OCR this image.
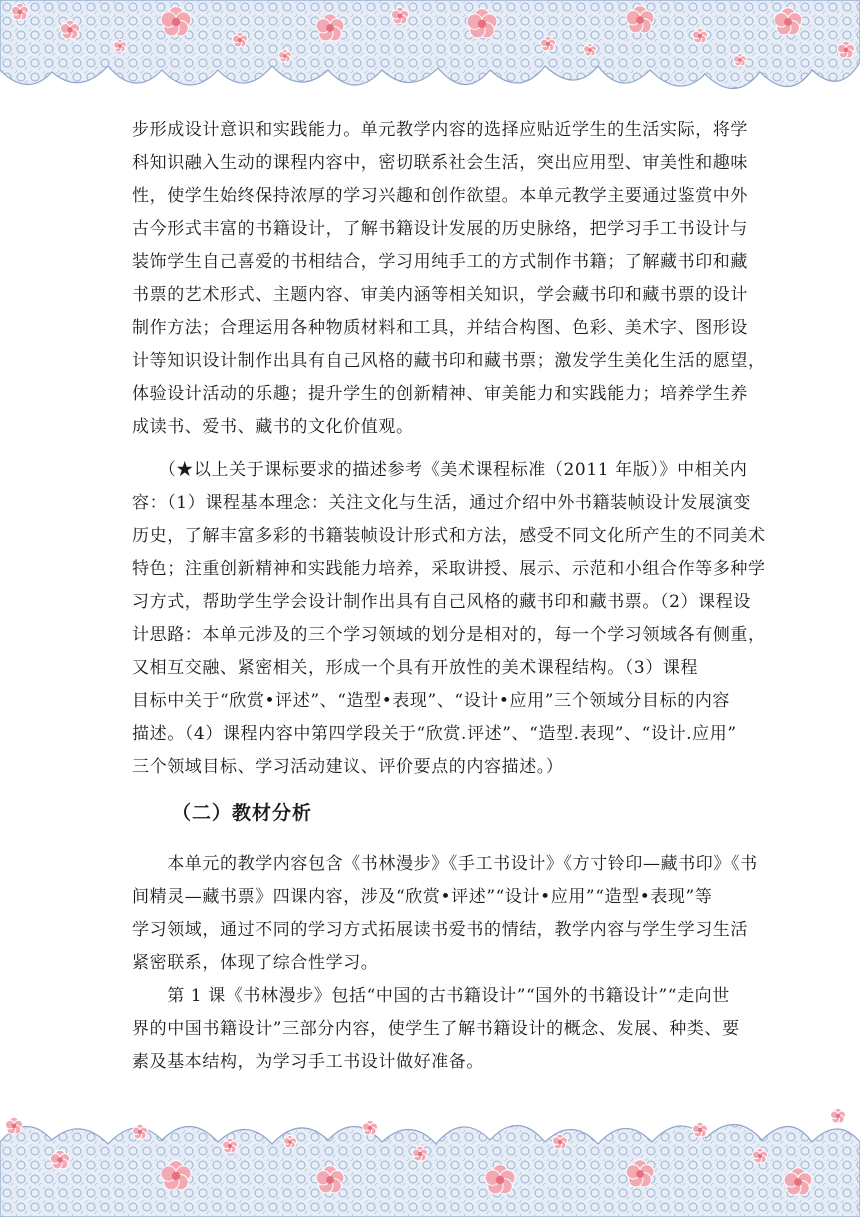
步形成设计意识和实践能力。单元教学内容的选择应贴近学生的生活实际，将学
科知识融入生动的课程内容中，密切联系社会生活，突出应用型、审美性和趣味
性，使学生始终保持浓厚的学习兴趣和创作欲望。本单元教学主要通过鉴赏中外
古今形式丰富的书籍设计，了解书籍设计发展的历史脉络，把学习手工书设计与
装饰学生自己喜爱的书相结合，学习用纯手工的方式制作书籍；了解藏书印和藏
书票的艺术形式、主题内容、审美内涵等相关知识，学会藏书印和藏书票的设计
制作方法；合理运用各种物质材料和工具，并结合构图、色彩、美术字、图形设
计等知识设计制作出具有自己风格的藏书印和藏书票；激发学生美化生活的愿望，
体验设计活动的乐趣；提升学生的创新精神、审美能力和实践能力；培养学生养
成读书、爱书、藏书的文化价值观。

　　（★以上关于课标要求的描述参考《美术课程标准（2011 年版）》中相关内
容：（1）课程基本理念：关注文化与生活，通过介绍中外书籍装帧设计发展演变
历史，了解丰富多彩的书籍装帧设计形式和方法，感受不同文化所产生的不同美术
特色；注重创新精神和实践能力培养，采取讲授、展示、示范和小组合作等多种学
习方式，帮助学生学会设计制作出具有自己风格的藏书印和藏书票。（2）课程设
计思路：本单元涉及的三个学习领域的划分是相对的，每一个学习领域各有侧重，
又相互交融、紧密相关，形成一个具有开放性的美术课程结构。（3）课程
目标中关于“欣赏•评述”、“造型•表现”、“设计•应用”三个领域分目标的内容
描述。（4）课程内容中第四学段关于“欣赏.评述”、“造型.表现”、“设计.应用”
三个领域目标、学习活动建议、评价要点的内容描述。）

（二）教材分析

　　本单元的教学内容包含《书林漫步》《手工书设计》《方寸铃印—藏书印》《书
间精灵—藏书票》四课内容，涉及“欣赏•评述”“设计•应用”“造型•表现”等
学习领域，通过不同的学习方式拓展读书爱书的情结，教学内容与学生学习生活
紧密联系，体现了综合性学习。

　　第 1 课《书林漫步》包括“中国的古书籍设计”“国外的书籍设计”“走向世
界的中国书籍设计”三部分内容，使学生了解书籍设计的概念、发展、种类、要
素及基本结构，为学习手工书设计做好准备。
